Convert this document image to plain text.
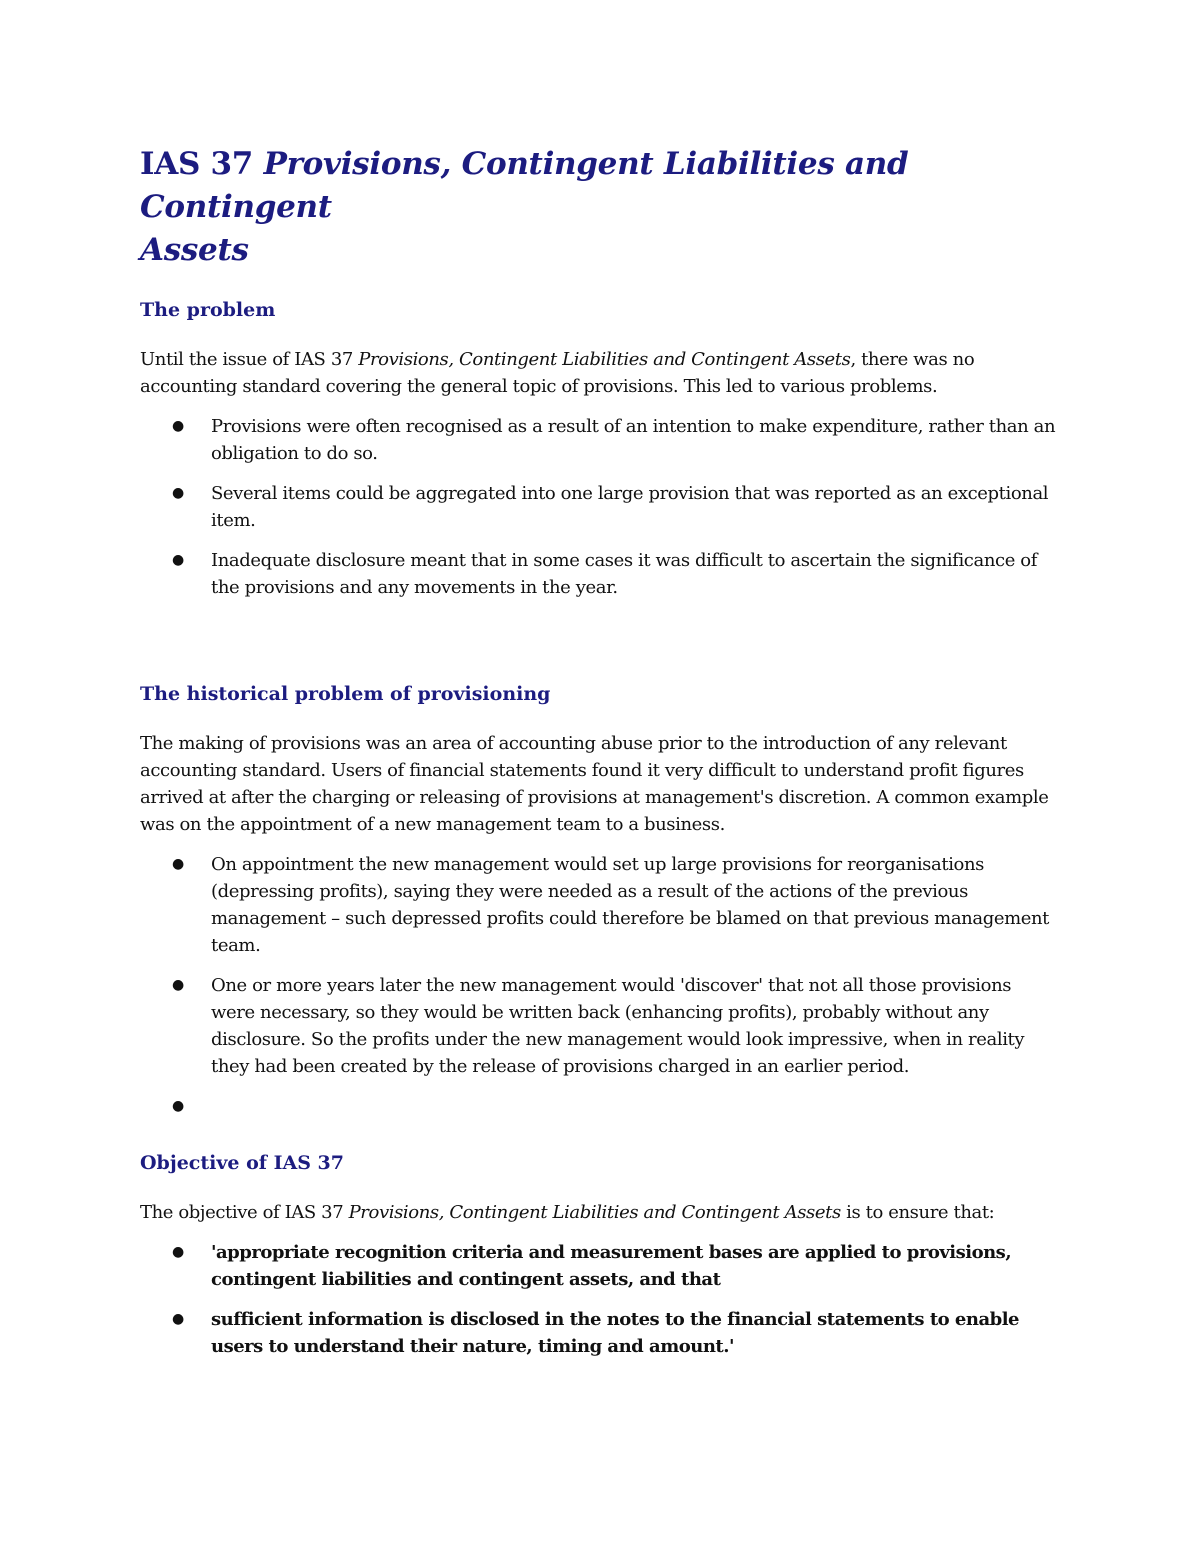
IAS 37 Provisions, Contingent Liabilities and Contingent
Assets
The problem

Until the issue of IAS 37 Provisions, Contingent Liabilities and Contingent Assets, there was no accounting standard covering the general topic of provisions. This led to various problems.

● Provisions were often recognised as a result of an intention to make expenditure, rather than an obligation to do so.
● Several items could be aggregated into one large provision that was reported as an exceptional item.
● Inadequate disclosure meant that in some cases it was difficult to ascertain the significance of the provisions and any movements in the year.
The historical problem of provisioning

The making of provisions was an area of accounting abuse prior to the introduction of any relevant accounting standard. Users of financial statements found it very difficult to understand profit figures arrived at after the charging or releasing of provisions at management's discretion. A common example was on the appointment of a new management team to a business.

● On appointment the new management would set up large provisions for reorganisations (depressing profits), saying they were needed as a result of the actions of the previous management – such depressed profits could therefore be blamed on that previous management team.
● One or more years later the new management would 'discover' that not all those provisions were necessary, so they would be written back (enhancing profits), probably without any disclosure. So the profits under the new management would look impressive, when in reality they had been created by the release of provisions charged in an earlier period.
●
Objective of IAS 37

The objective of IAS 37 Provisions, Contingent Liabilities and Contingent Assets is to ensure that:

● 'appropriate recognition criteria and measurement bases are applied to provisions, contingent liabilities and contingent assets, and that
● sufficient information is disclosed in the notes to the financial statements to enable users to understand their nature, timing and amount.'
